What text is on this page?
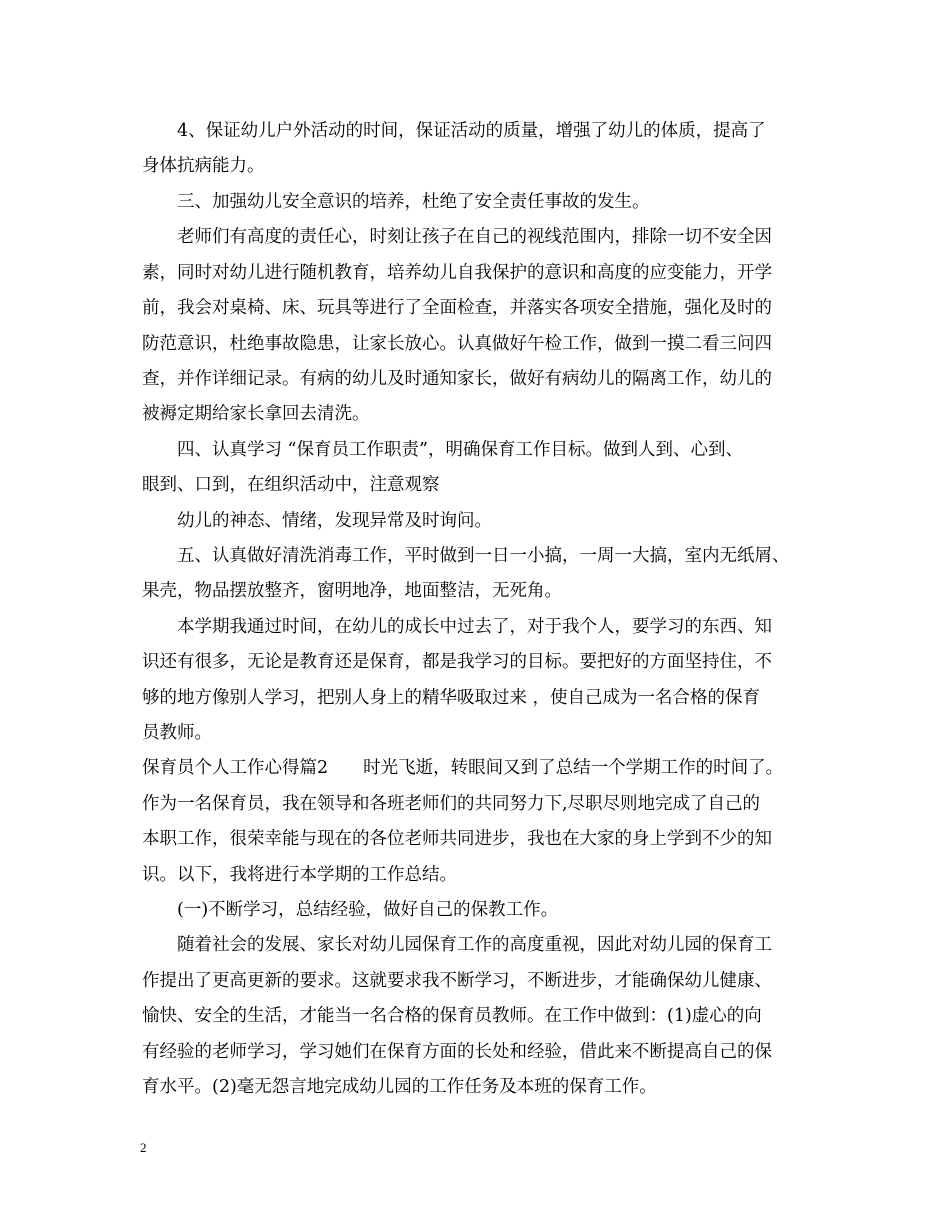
4、保证幼儿户外活动的时间，保证活动的质量，增强了幼儿的体质，提高了
身体抗病能力。
三、加强幼儿安全意识的培养，杜绝了安全责任事故的发生。
老师们有高度的责任心，时刻让孩子在自己的视线范围内，排除一切不安全因
素，同时对幼儿进行随机教育，培养幼儿自我保护的意识和高度的应变能力，开学
前，我会对桌椅、床、玩具等进行了全面检查，并落实各项安全措施，强化及时的
防范意识，杜绝事故隐患，让家长放心。认真做好午检工作，做到一摸二看三问四
查，并作详细记录。有病的幼儿及时通知家长，做好有病幼儿的隔离工作，幼儿的
被褥定期给家长拿回去清洗。
四、认真学习 “保育员工作职责”，明确保育工作目标。做到人到、心到、
眼到、口到，在组织活动中，注意观察
幼儿的神态、情绪，发现异常及时询问。
五、认真做好清洗消毒工作，平时做到一日一小搞，一周一大搞，室内无纸屑、
果壳，物品摆放整齐，窗明地净，地面整洁，无死角。
本学期我通过时间，在幼儿的成长中过去了，对于我个人，要学习的东西、知
识还有很多，无论是教育还是保育，都是我学习的目标。要把好的方面坚持住，不
够的地方像别人学习，把别人身上的精华吸取过来 ，使自己成为一名合格的保育
员教师。
保育员个人工作心得篇2　　时光飞逝，转眼间又到了总结一个学期工作的时间了。
作为一名保育员，我在领导和各班老师们的共同努力下,尽职尽则地完成了自己的
本职工作，很荣幸能与现在的各位老师共同进步，我也在大家的身上学到不少的知
识。以下，我将进行本学期的工作总结。
(一)不断学习，总结经验，做好自己的保教工作。
随着社会的发展、家长对幼儿园保育工作的高度重视，因此对幼儿园的保育工
作提出了更高更新的要求。这就要求我不断学习，不断进步，才能确保幼儿健康、
愉快、安全的生活，才能当一名合格的保育员教师。在工作中做到：(1)虚心的向
有经验的老师学习，学习她们在保育方面的长处和经验，借此来不断提高自己的保
育水平。(2)毫无怨言地完成幼儿园的工作任务及本班的保育工作。
2
